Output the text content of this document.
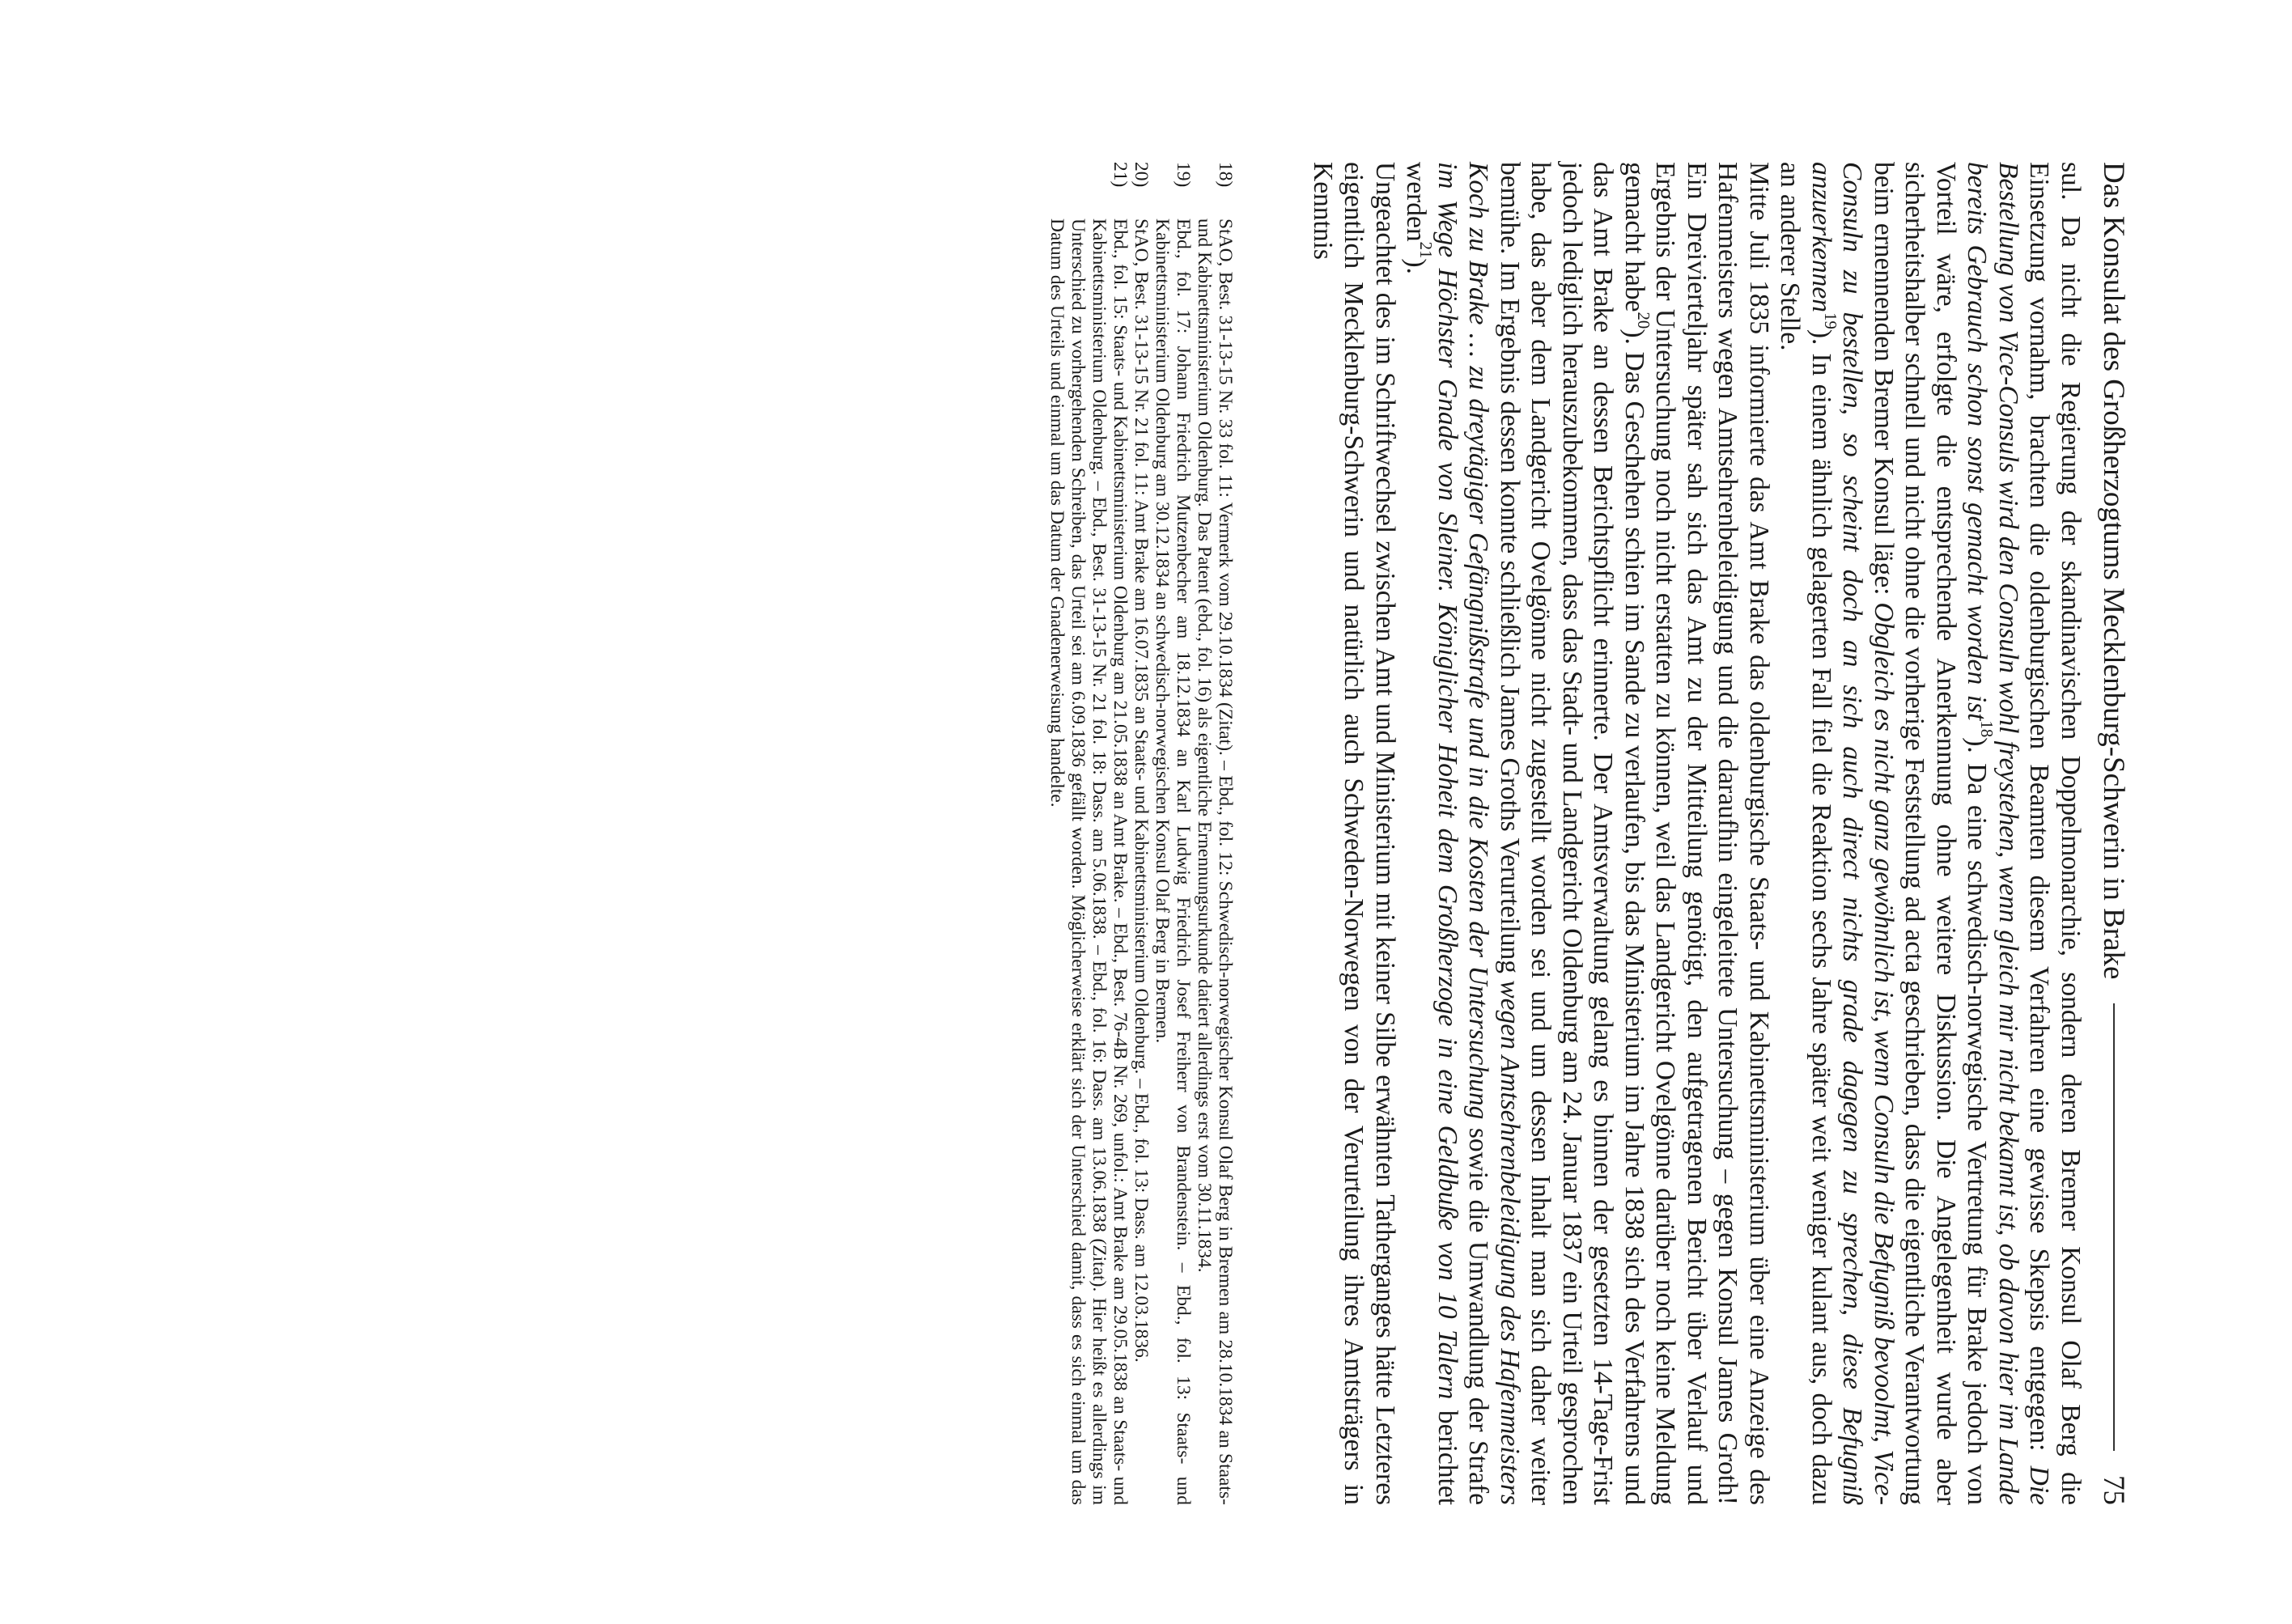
Das Konsulat des Großherzogtums Mecklenburg-Schwerin in Brake
75

sul. Da nicht die Regierung der skandinavischen Doppelmonarchie, sondern deren Bremer Konsul Olaf Berg die Einsetzung vornahm, brachten die oldenburgischen Beamten diesem Verfahren eine gewisse Skepsis entgegen: Die Bestellung von Vice-Consuls wird den Consuln wohl freystehen, wenn gleich mir nicht bekannt ist, ob davon hier im Lande bereits Gebrauch schon sonst gemacht worden ist$^{18}$). Da eine schwedisch-norwegische Vertretung für Brake jedoch von Vorteil wäre, erfolgte die entsprechende Anerkennung ohne weitere Diskussion. Die Angelegenheit wurde aber sicherheitshalber schnell und nicht ohne die vorherige Feststellung ad acta geschrieben, dass die eigentliche Verantwortung beim ernennenden Bremer Konsul läge: Obgleich es nicht ganz gewöhnlich ist, wenn Consuln die Befugniß bevoolmt, Vice-Consuln zu bestellen, so scheint doch an sich auch direct nichts grade dagegen zu sprechen, diese Befugniß anzuerkennen$^{19}$). In einem ähnlich gelagerten Fall fiel die Reaktion sechs Jahre später weit weniger kulant aus, doch dazu an anderer Stelle.

Mitte Juli 1835 informierte das Amt Brake das oldenburgische Staats- und Kabinettsministerium über eine Anzeige des Hafenmeisters wegen Amtsehrenbeleidigung und die daraufhin eingeleitete Untersuchung – gegen Konsul James Groth! Ein Dreivierteljahr später sah sich das Amt zu der Mitteilung genötigt, den aufgetragenen Bericht über Verlauf und Ergebnis der Untersuchung noch nicht erstatten zu können, weil das Landgericht Ovelgönne darüber noch keine Meldung gemacht habe$^{20}$). Das Geschehen schien im Sande zu verlaufen, bis das Ministerium im Jahre 1838 sich des Verfahrens und das Amt Brake an dessen Berichtspflicht erinnerte. Der Amtsverwaltung gelang es binnen der gesetzten 14-Tage-Frist jedoch lediglich herauszubekommen, dass das Stadt- und Landgericht Oldenburg am 24. Januar 1837 ein Urteil gesprochen habe, das aber dem Landgericht Ovelgönne nicht zugestellt worden sei und um dessen Inhalt man sich daher weiter bemühe. Im Ergebnis dessen konnte schließlich James Groths Verurteilung wegen Amtsehrenbeleidigung des Hafenmeisters Koch zu Brake … zu dreytägiger Gefängnißstrafe und in die Kosten der Untersuchung sowie die Umwandlung der Strafe im Wege Höchster Gnade von Sleiner. Königlicher Hoheit dem Großherzoge in eine Geldbuße von 10 Talern berichtet werden$^{21}$).

Ungeachtet des im Schriftwechsel zwischen Amt und Ministerium mit keiner Silbe erwähnten Tatherganges hätte Letzteres eigentlich Mecklenburg-Schwerin und natürlich auch Schweden-Norwegen von der Verurteilung ihres Amtsträgers in Kenntnis

18)
StAO, Best. 31-13-15 Nr. 33 fol. 11: Vermerk vom 29.10.1834 (Zitat). – Ebd., fol. 12: Schwedisch-norwegischer Konsul Olaf Berg in Bremen am 28.10.1834 an Staats- und Kabinettsministerium Oldenburg. Das Patent (ebd., fol. 16) als eigentliche Ernennungsurkunde datiert allerdings erst vom 30.11.1834.
19)
Ebd., fol. 17: Johann Friedrich Mutzenbecher am 18.12.1834 an Karl Ludwig Friedrich Josef Freiherr von Brandenstein. – Ebd., fol. 13: Staats- und Kabinettsministerium Oldenburg am 30.12.1834 an schwedisch-norwegischen Konsul Olaf Berg in Bremen.
20)
StAO, Best. 31-13-15 Nr. 21 fol. 11: Amt Brake am 16.07.1835 an Staats- und Kabinettsministerium Oldenburg. – Ebd., fol. 13: Dass. am 12.03.1836.
21)
Ebd., fol. 15: Staats- und Kabinettsministerium Oldenburg am 21.05.1838 an Amt Brake. – Ebd., Best. 76-4B Nr. 269, unfol.: Amt Brake am 29.05.1838 an Staats- und Kabinettsministerium Oldenburg. – Ebd., Best. 31-13-15 Nr. 21 fol. 18: Dass. am 5.06.1838. – Ebd., fol. 16: Dass. am 13.06.1838 (Zitat). Hier heißt es allerdings im Unterschied zu vorhergehenden Schreiben, das Urteil sei am 6.09.1836 gefällt worden. Möglicherweise erklärt sich der Unterschied damit, dass es sich einmal um das Datum des Urteils und einmal um das Datum der Gnadenerweisung handelte.
